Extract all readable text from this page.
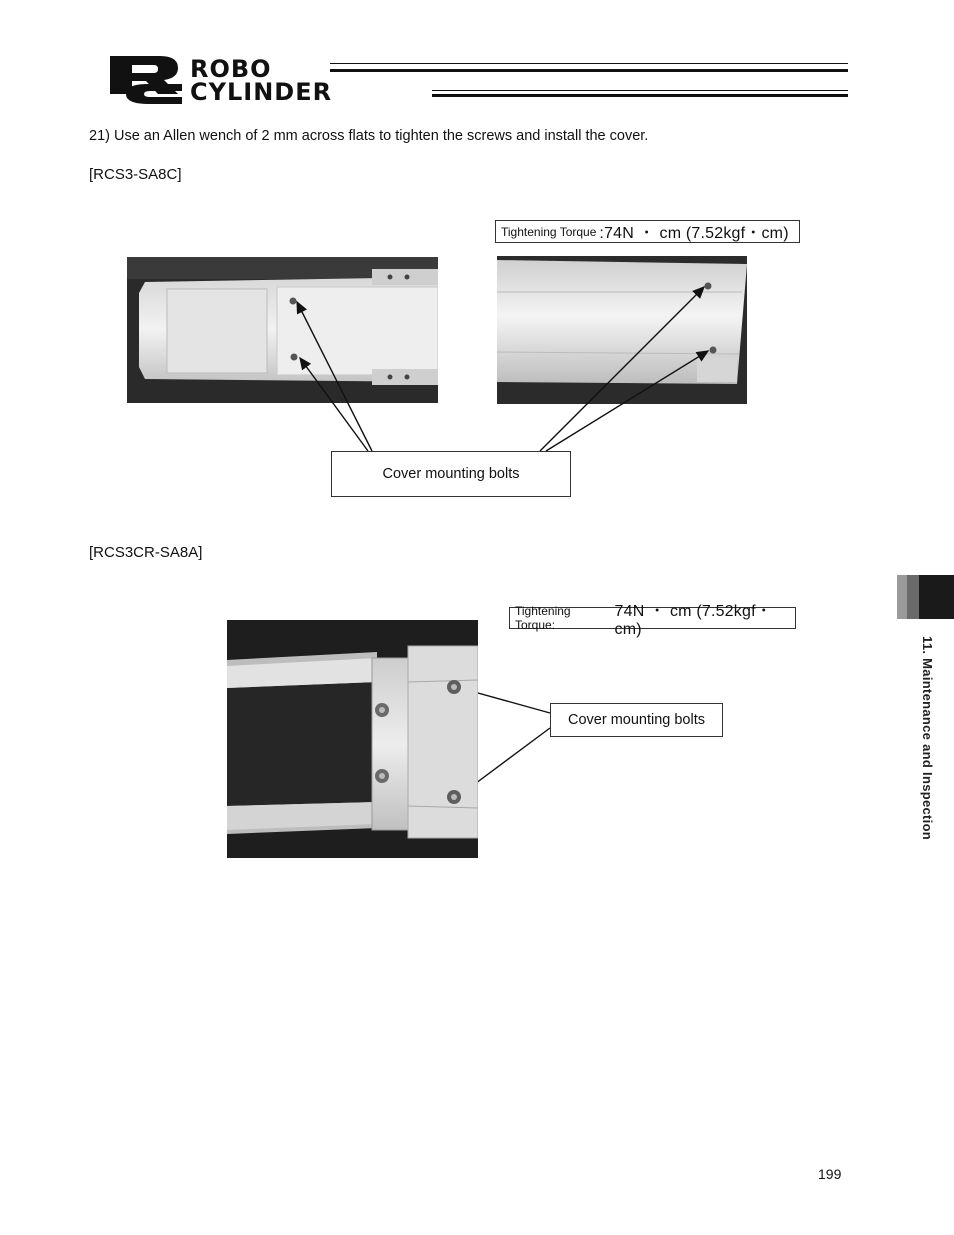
ROBO
CYLINDER
21) Use an Allen wench of 2 mm across flats to tighten the screws and install the cover.
[RCS3-SA8C]
Tightening Torque :74N ・ cm (7.52kgf・cm)
Cover mounting bolts
[RCS3CR-SA8A]
Tightening Torque:
74N ・ cm (7.52kgf・cm)
Cover mounting bolts	11. Maintenance and Inspection
199
